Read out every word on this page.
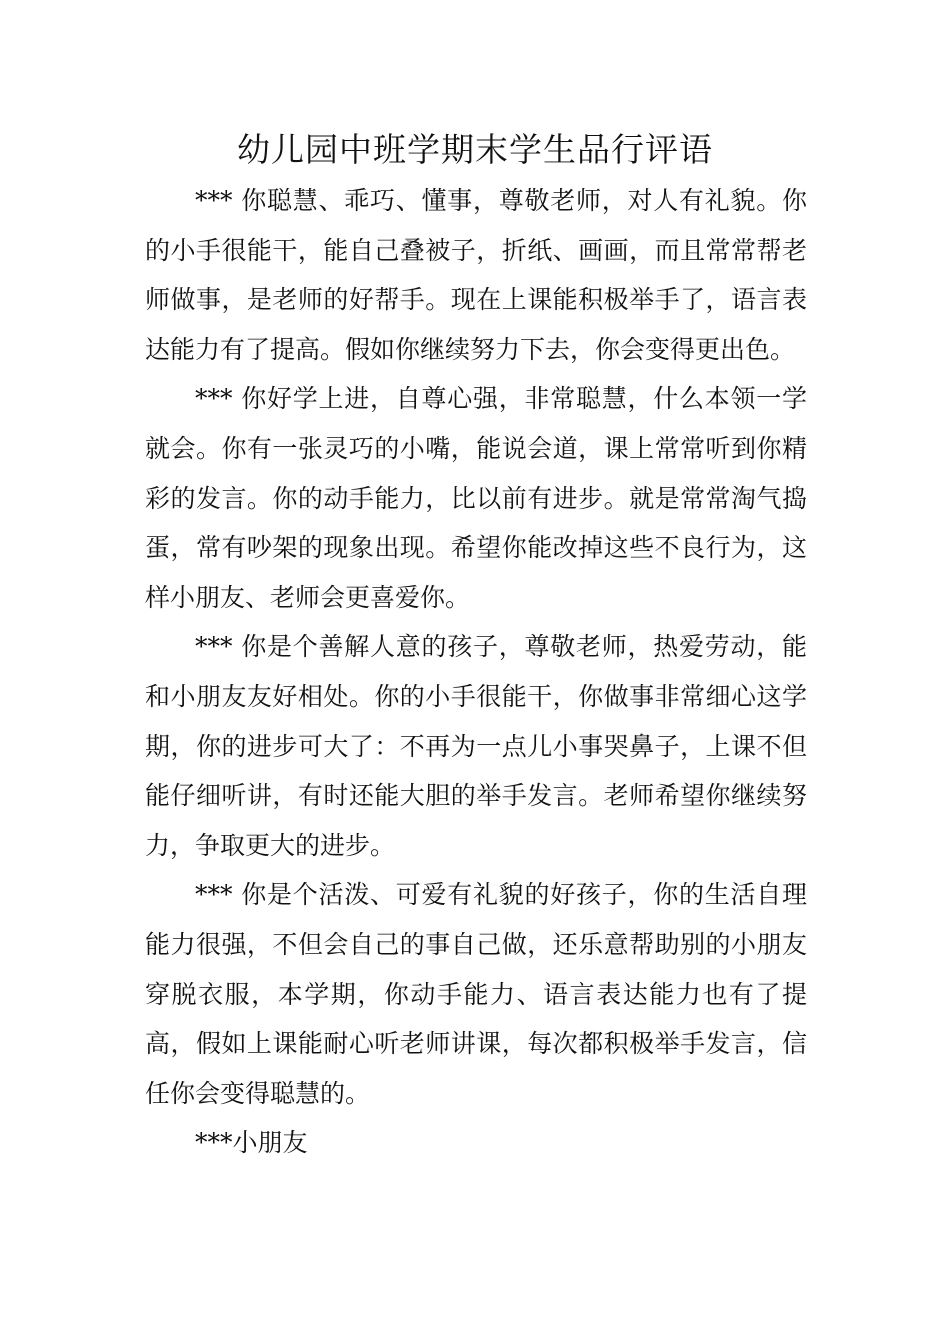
幼儿园中班学期末学生品行评语

*** 你聪慧、乖巧、懂事，尊敬老师，对人有礼貌。你的小手很能干，能自己叠被子，折纸、画画，而且常常帮老师做事，是老师的好帮手。现在上课能积极举手了，语言表达能力有了提高。假如你继续努力下去，你会变得更出色。

*** 你好学上进，自尊心强，非常聪慧，什么本领一学就会。你有一张灵巧的小嘴，能说会道，课上常常听到你精彩的发言。你的动手能力，比以前有进步。就是常常淘气捣蛋，常有吵架的现象出现。希望你能改掉这些不良行为，这样小朋友、老师会更喜爱你。

*** 你是个善解人意的孩子，尊敬老师，热爱劳动，能和小朋友友好相处。你的小手很能干，你做事非常细心这学期，你的进步可大了：不再为一点儿小事哭鼻子，上课不但能仔细听讲，有时还能大胆的举手发言。老师希望你继续努力，争取更大的进步。

*** 你是个活泼、可爱有礼貌的好孩子，你的生活自理能力很强，不但会自己的事自己做，还乐意帮助别的小朋友穿脱衣服，本学期，你动手能力、语言表达能力也有了提高，假如上课能耐心听老师讲课，每次都积极举手发言，信任你会变得聪慧的。

***小朋友
